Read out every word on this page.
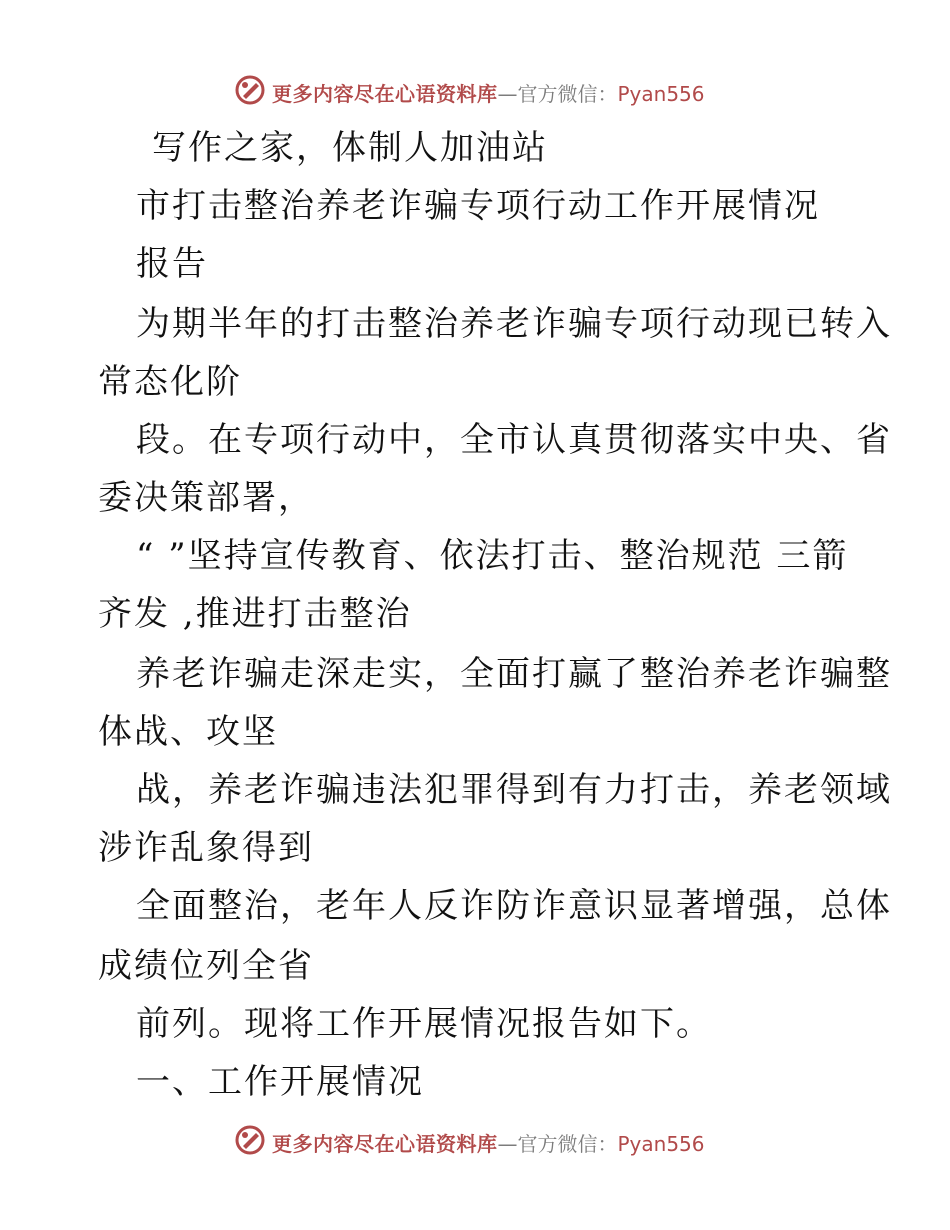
更多内容尽在心语资料库—官方微信：Pyan556
写作之家，体制人加油站
市打击整治养老诈骗专项行动工作开展情况
报告
为期半年的打击整治养老诈骗专项行动现已转入
常态化阶
段。在专项行动中，全市认真贯彻落实中央、省
委决策部署，
“ ”坚持宣传教育、依法打击、整治规范 三箭
齐发 ,推进打击整治
养老诈骗走深走实，全面打赢了整治养老诈骗整
体战、攻坚
战，养老诈骗违法犯罪得到有力打击，养老领域
涉诈乱象得到
全面整治，老年人反诈防诈意识显著增强，总体
成绩位列全省
前列。现将工作开展情况报告如下。
一、工作开展情况
更多内容尽在心语资料库—官方微信：Pyan556
